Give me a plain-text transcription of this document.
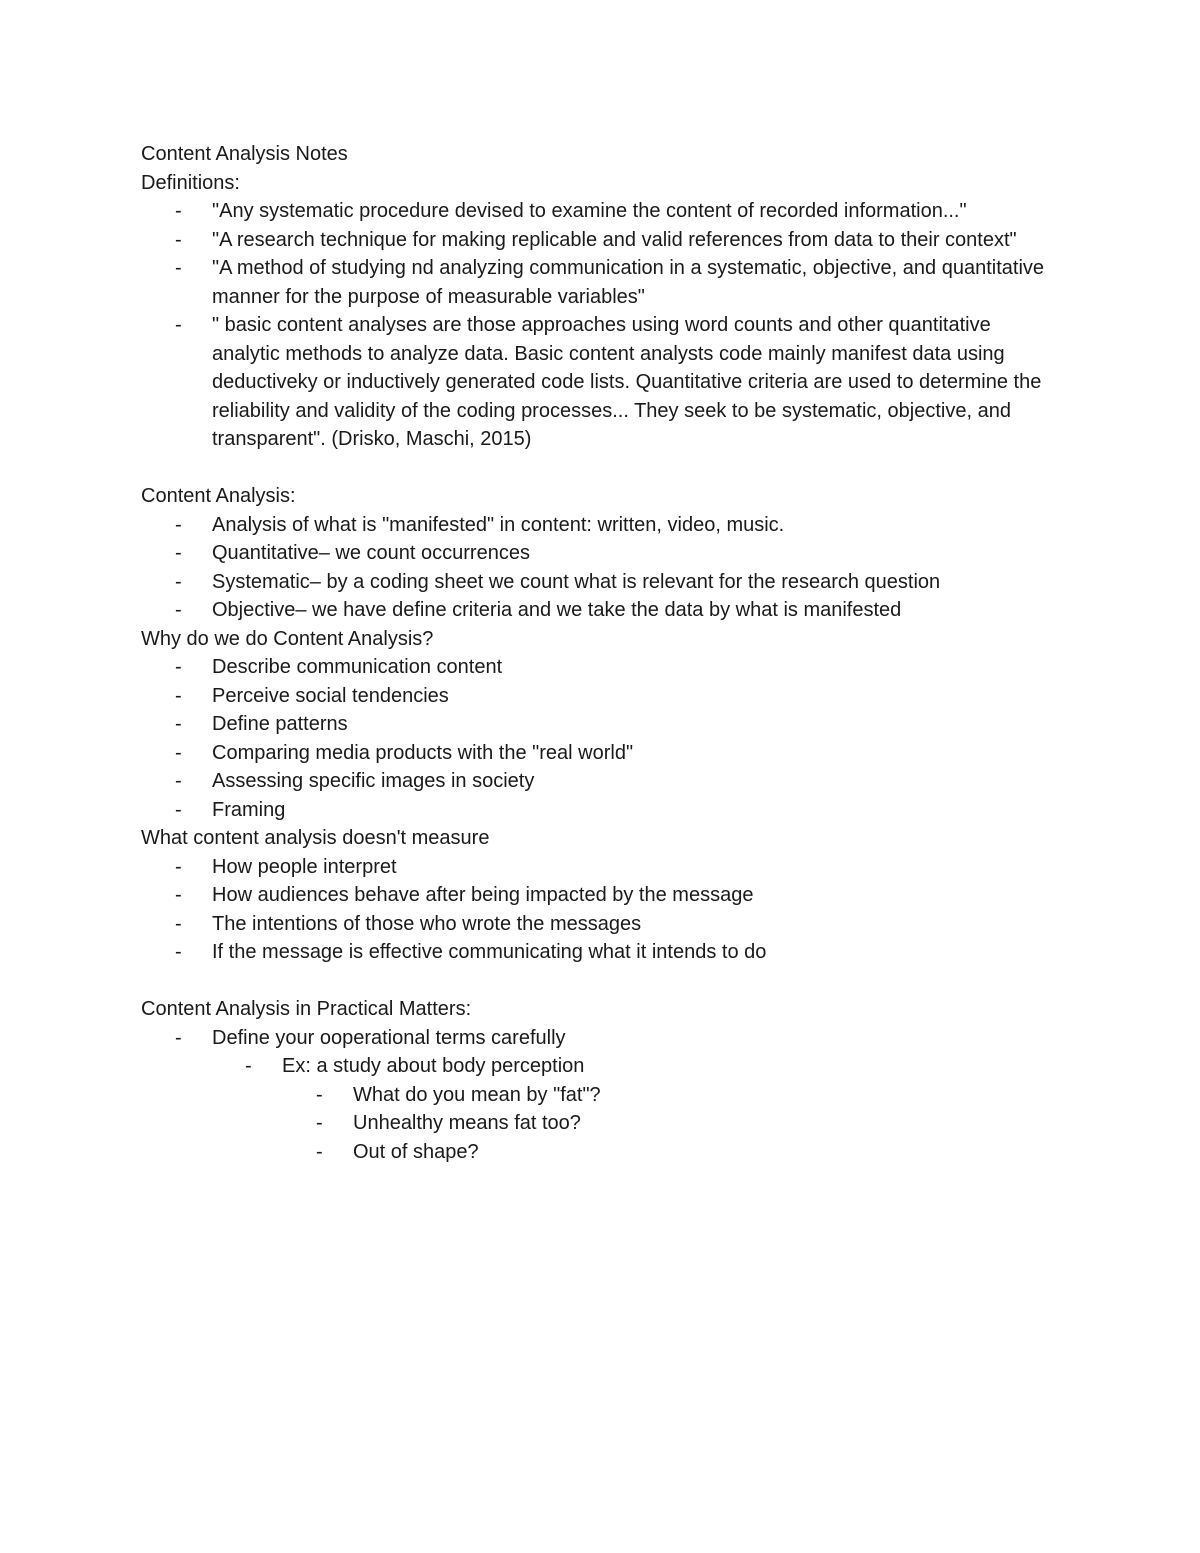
Content Analysis Notes

Definitions:

- "Any systematic procedure devised to examine the content of recorded information..."
- "A research technique for making replicable and valid references from data to their context"
- "A method of studying nd analyzing communication in a systematic, objective, and quantitative manner for the purpose of measurable variables"
- " basic content analyses are those approaches using word counts and other quantitative analytic methods to analyze data. Basic content analysts code mainly manifest data using deductiveky or inductively generated code lists. Quantitative criteria are used to determine the reliability and validity of the coding processes... They seek to be systematic, objective, and transparent". (Drisko, Maschi, 2015)

Content Analysis:

- Analysis of what is "manifested" in content: written, video, music.
- Quantitative– we count occurrences
- Systematic– by a coding sheet we count what is relevant for the research question
- Objective– we have define criteria and we take the data by what is manifested

Why do we do Content Analysis?

- Describe communication content
- Perceive social tendencies
- Define patterns
- Comparing media products with the "real world"
- Assessing specific images in society
- Framing

What content analysis doesn't measure

- How people interpret
- How audiences behave after being impacted by the message
- The intentions of those who wrote the messages
- If the message is effective communicating what it intends to do

Content Analysis in Practical Matters:

- Define your ooperational terms carefully
- Ex: a study about body perception
- What do you mean by "fat"?
- Unhealthy means fat too?
- Out of shape?
